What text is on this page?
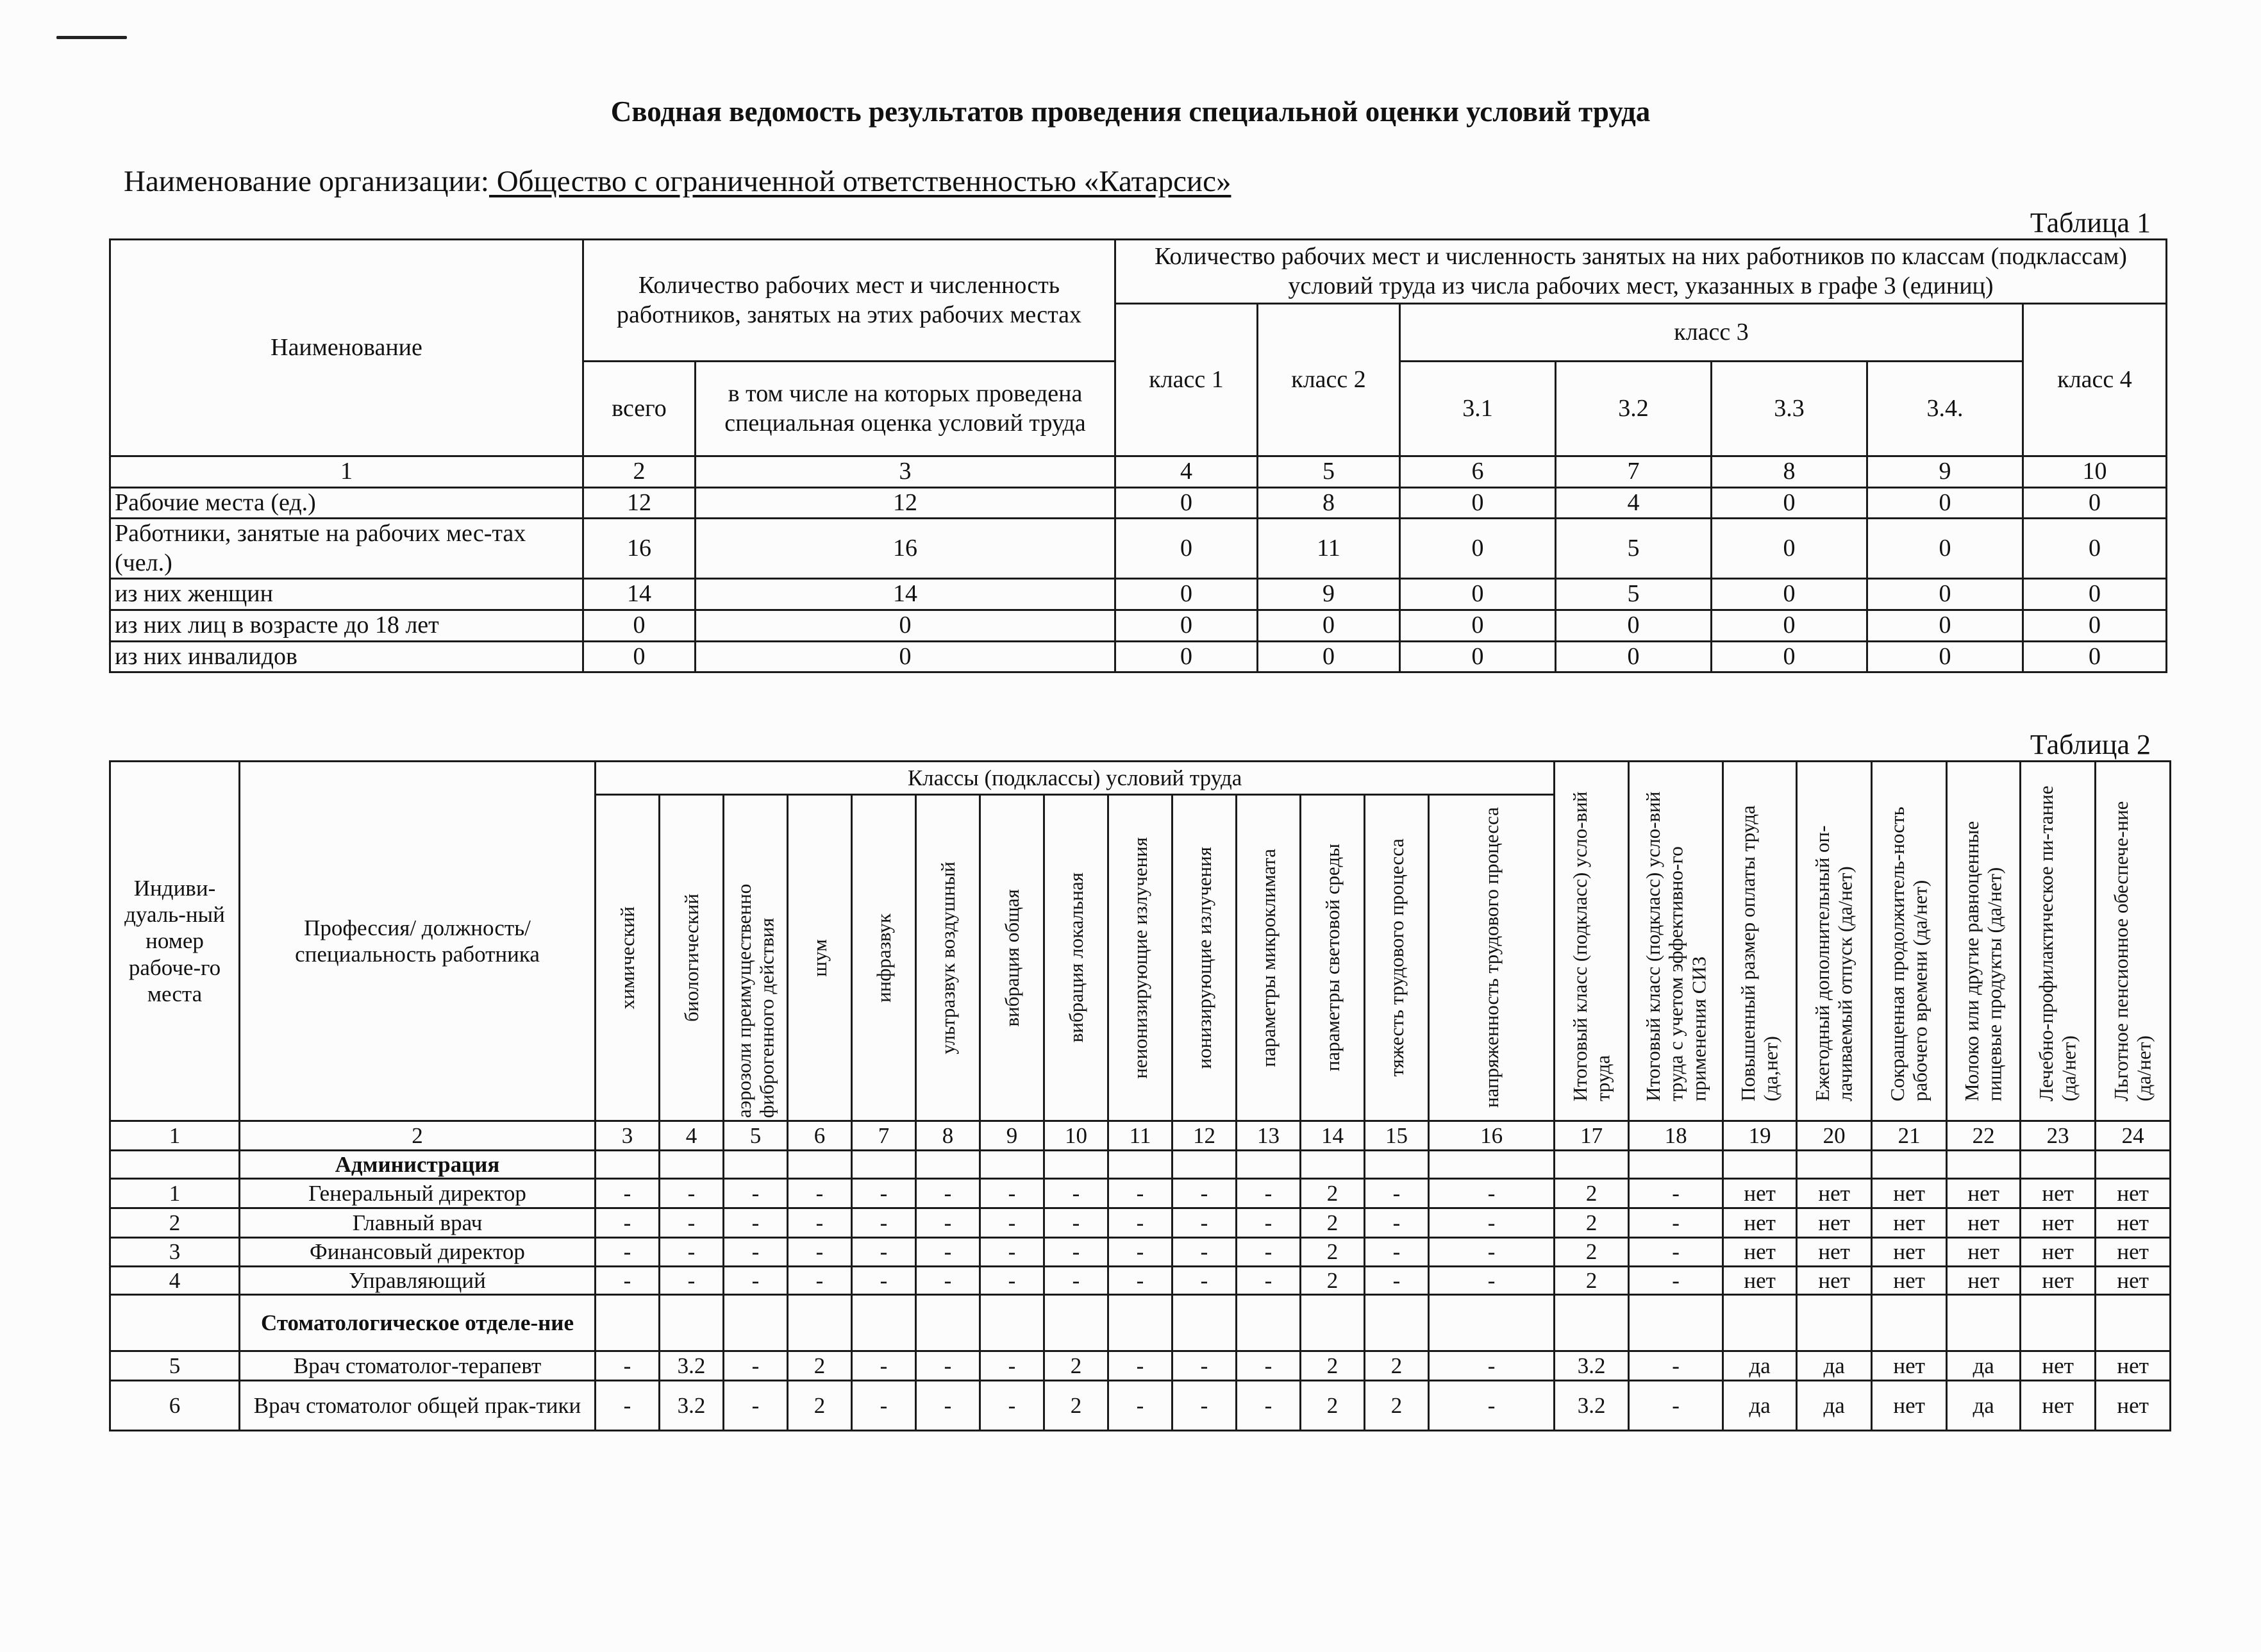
Сводная ведомость результатов проведения специальной оценки условий труда
Наименование организации: Общество с ограниченной ответственностью «Катарсис»
Таблица 1
Наименование	Количество рабочих мест и численность работников, занятых на этих рабочих местах		Количество рабочих мест и численность занятых на них работников по классам (подклассам) условий труда из числа рабочих мест, указанных в графе 3 (единиц)						
			класс 1	класс 2	класс 3				класс 4
	всего	в том числе на которых проведена специальная оценка условий труда			3.1	3.2	3.3	3.4.	
1	2	3	4	5	6	7	8	9	10
Рабочие места (ед.)	12	12	0	8	0	4	0	0	0
Работники, занятые на рабочих мес-тах (чел.)	16	16	0	11	0	5	0	0	0
из них женщин	14	14	0	9	0	5	0	0	0
из них лиц в возрасте до 18 лет	0	0	0	0	0	0	0	0	0
из них инвалидов	0	0	0	0	0	0	0	0	0
Таблица 2
Индиви-дуаль-ный номер рабоче-го места	Профессия/ должность/ специальность работника	Классы (подклассы) условий труда														Итоговый класс (подкласс) усло-вий труда	Итоговый класс (подкласс) усло-вий труда с учетом эффективно-го применения СИЗ	Повышенный размер оплаты труда (да,нет)	Ежегодный дополнительный оп-лачиваемый отпуск (да/нет)	Сокращенная продолжитель-ность рабочего времени (да/нет)	Молоко или другие равноценные пищевые продукты (да/нет)	Лечебно-профилактическое пи-тание (да/нет)	Льготное пенсионное обеспече-ние (да/нет)

		химический	биологический	аэрозоли преимущественно фиброгенного действия	шум	инфразвук	ультразвук воздушный	вибрация общая	вибрация локальная	неионизирующие излучения	ионизирующие излучения	параметры микроклимата	параметры световой среды	тяжесть трудового процесса	напряженность трудового процесса								

1	2	3	4	5	6	7	8	9	10	11	12	13	14	15	16	17	18	19	20	21	22	23	24
	Администрация																						
1	Генеральный директор	-	-	-	-	-	-	-	-	-	-	-	2	-	-	2	-	нет	нет	нет	нет	нет	нет
2	Главный врач	-	-	-	-	-	-	-	-	-	-	-	2	-	-	2	-	нет	нет	нет	нет	нет	нет
3	Финансовый директор	-	-	-	-	-	-	-	-	-	-	-	2	-	-	2	-	нет	нет	нет	нет	нет	нет
4	Управляющий	-	-	-	-	-	-	-	-	-	-	-	2	-	-	2	-	нет	нет	нет	нет	нет	нет
	Стоматологическое отделе-ние																						
5	Врач стоматолог-терапевт	-	3.2	-	2	-	-	-	2	-	-	-	2	2	-	3.2	-	да	да	нет	да	нет	нет
6	Врач стоматолог общей прак-тики	-	3.2	-	2	-	-	-	2	-	-	-	2	2	-	3.2	-	да	да	нет	да	нет	нет
